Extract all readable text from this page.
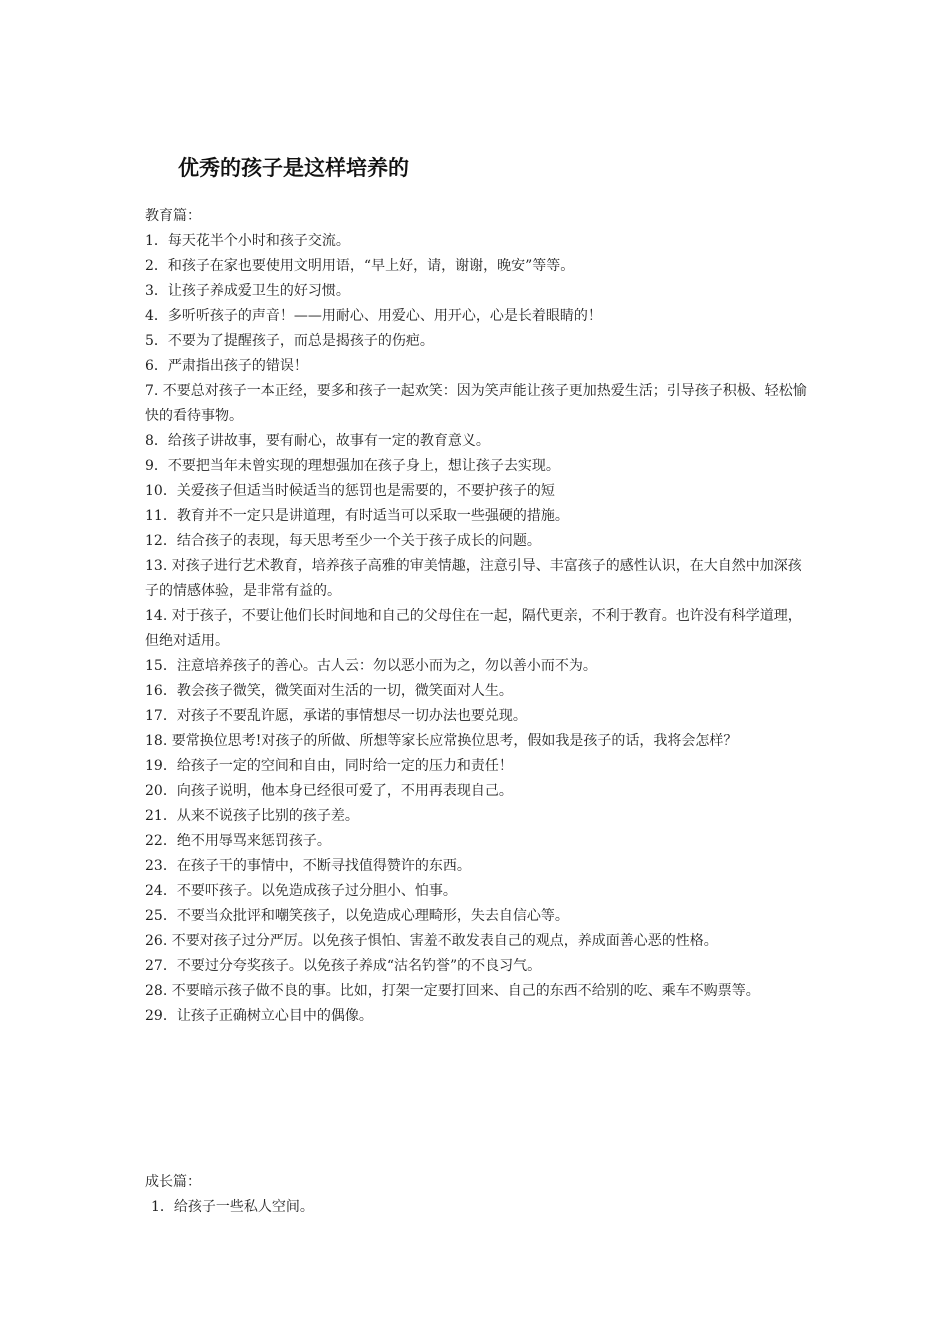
优秀的孩子是这样培养的

教育篇：

1．每天花半个小时和孩子交流。
2．和孩子在家也要使用文明用语，“早上好，请，谢谢，晚安”等等。
3．让孩子养成爱卫生的好习惯。
4．多听听孩子的声音！——用耐心、用爱心、用开心，心是长着眼睛的！
5．不要为了提醒孩子，而总是揭孩子的伤疤。
6．严肃指出孩子的错误！
7. 不要总对孩子一本正经，要多和孩子一起欢笑：因为笑声能让孩子更加热爱生活；引导孩子积极、轻松愉快的看待事物。
8．给孩子讲故事，要有耐心，故事有一定的教育意义。
9．不要把当年未曾实现的理想强加在孩子身上，想让孩子去实现。
10．关爱孩子但适当时候适当的惩罚也是需要的，不要护孩子的短
11．教育并不一定只是讲道理，有时适当可以采取一些强硬的措施。
12．结合孩子的表现，每天思考至少一个关于孩子成长的问题。
13. 对孩子进行艺术教育，培养孩子高雅的审美情趣，注意引导、丰富孩子的感性认识，在大自然中加深孩子的情感体验，是非常有益的。
14. 对于孩子，不要让他们长时间地和自己的父母住在一起，隔代更亲，不利于教育。也许没有科学道理，但绝对适用。
15．注意培养孩子的善心。古人云：勿以恶小而为之，勿以善小而不为。
16．教会孩子微笑，微笑面对生活的一切，微笑面对人生。
17．对孩子不要乱许愿，承诺的事情想尽一切办法也要兑现。
18. 要常换位思考!对孩子的所做、所想等家长应常换位思考，假如我是孩子的话，我将会怎样？
19．给孩子一定的空间和自由，同时给一定的压力和责任！
20．向孩子说明，他本身已经很可爱了，不用再表现自己。
21．从来不说孩子比别的孩子差。
22．绝不用辱骂来惩罚孩子。
23．在孩子干的事情中，不断寻找值得赞许的东西。
24．不要吓孩子。以免造成孩子过分胆小、怕事。
25．不要当众批评和嘲笑孩子，以免造成心理畸形，失去自信心等。
26. 不要对孩子过分严厉。以免孩子惧怕、害羞不敢发表自己的观点，养成面善心恶的性格。
27．不要过分夸奖孩子。以免孩子养成“沽名钓誉”的不良习气。
28. 不要暗示孩子做不良的事。比如，打架一定要打回来、自己的东西不给别的吃、乘车不购票等。
29．让孩子正确树立心目中的偶像。

成长篇：

1．给孩子一些私人空间。
